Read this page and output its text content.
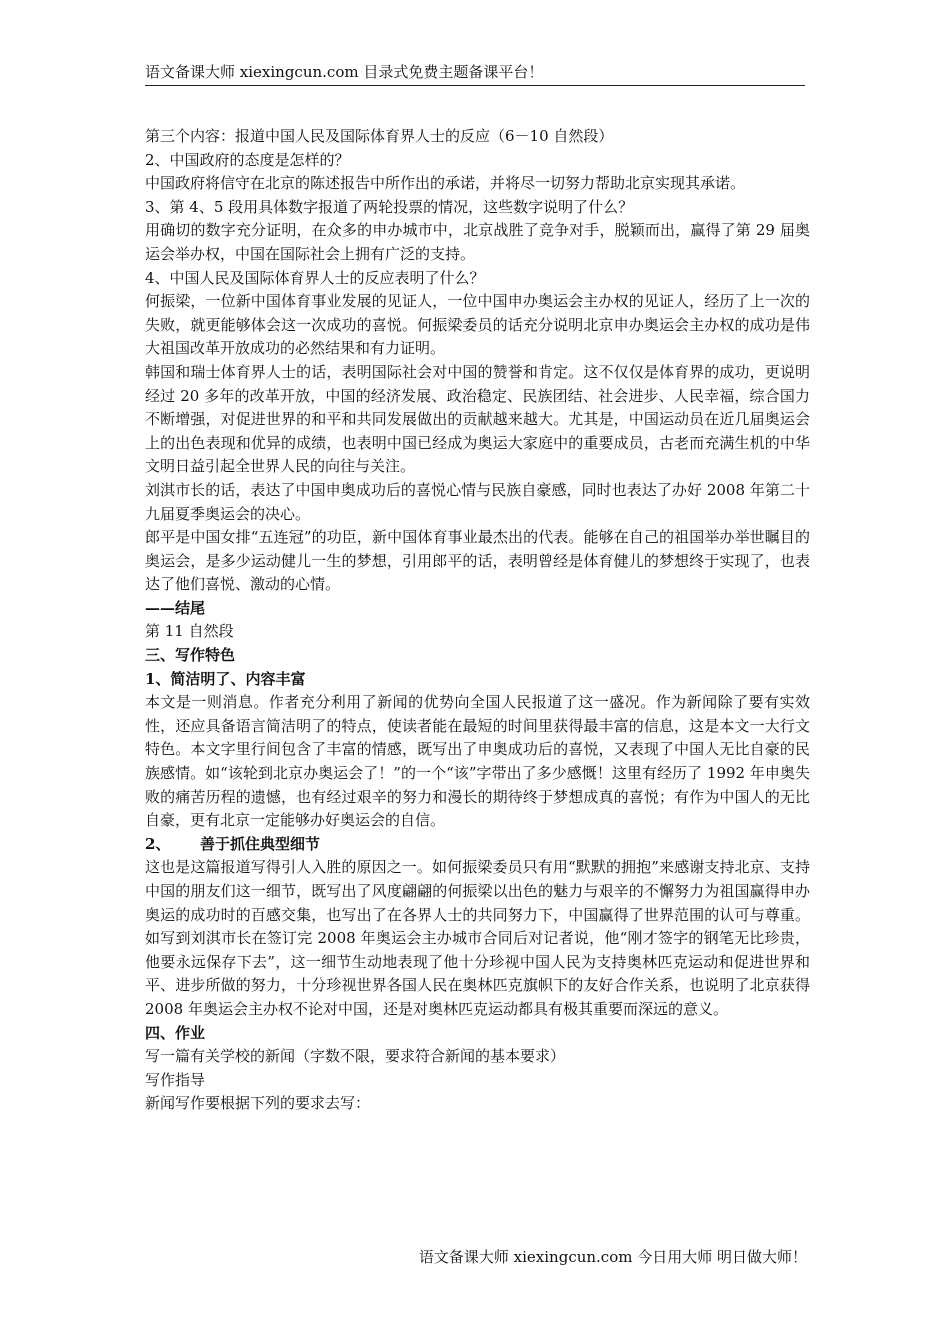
语文备课大师 xiexingcun.com 目录式免费主题备课平台！

第三个内容：报道中国人民及国际体育界人士的反应（6－10 自然段）

2、中国政府的态度是怎样的？

中国政府将信守在北京的陈述报告中所作出的承诺，并将尽一切努力帮助北京实现其承诺。

3、第 4、5 段用具体数字报道了两轮投票的情况，这些数字说明了什么？

用确切的数字充分证明，在众多的申办城市中，北京战胜了竞争对手，脱颖而出，赢得了第 29 届奥运会举办权，中国在国际社会上拥有广泛的支持。

4、中国人民及国际体育界人士的反应表明了什么？

何振梁，一位新中国体育事业发展的见证人，一位中国申办奥运会主办权的见证人，经历了上一次的失败，就更能够体会这一次成功的喜悦。何振梁委员的话充分说明北京申办奥运会主办权的成功是伟大祖国改革开放成功的必然结果和有力证明。

韩国和瑞士体育界人士的话，表明国际社会对中国的赞誉和肯定。这不仅仅是体育界的成功，更说明经过 20 多年的改革开放，中国的经济发展、政治稳定、民族团结、社会进步、人民幸福，综合国力不断增强，对促进世界的和平和共同发展做出的贡献越来越大。尤其是，中国运动员在近几届奥运会上的出色表现和优异的成绩，也表明中国已经成为奥运大家庭中的重要成员，古老而充满生机的中华文明日益引起全世界人民的向往与关注。

刘淇市长的话，表达了中国申奥成功后的喜悦心情与民族自豪感，同时也表达了办好 2008 年第二十九届夏季奥运会的决心。

郎平是中国女排“五连冠”的功臣，新中国体育事业最杰出的代表。能够在自己的祖国举办举世瞩目的奥运会，是多少运动健儿一生的梦想，引用郎平的话，表明曾经是体育健儿的梦想终于实现了，也表达了他们喜悦、激动的心情。

——结尾

第 11 自然段

三、写作特色

1、简洁明了、内容丰富

本文是一则消息。作者充分利用了新闻的优势向全国人民报道了这一盛况。作为新闻除了要有实效性，还应具备语言简洁明了的特点，使读者能在最短的时间里获得最丰富的信息，这是本文一大行文特色。本文字里行间包含了丰富的情感，既写出了申奥成功后的喜悦，又表现了中国人无比自豪的民族感情。如“该轮到北京办奥运会了！”的一个“该”字带出了多少感慨！这里有经历了 1992 年申奥失败的痛苦历程的遗憾，也有经过艰辛的努力和漫长的期待终于梦想成真的喜悦；有作为中国人的无比自豪，更有北京一定能够办好奥运会的自信。

2、 善于抓住典型细节

这也是这篇报道写得引人入胜的原因之一。如何振梁委员只有用“默默的拥抱”来感谢支持北京、支持中国的朋友们这一细节，既写出了风度翩翩的何振梁以出色的魅力与艰辛的不懈努力为祖国赢得申办奥运的成功时的百感交集，也写出了在各界人士的共同努力下，中国赢得了世界范围的认可与尊重。如写到刘淇市长在签订完 2008 年奥运会主办城市合同后对记者说，他“刚才签字的钢笔无比珍贵，他要永远保存下去”，这一细节生动地表现了他十分珍视中国人民为支持奥林匹克运动和促进世界和平、进步所做的努力，十分珍视世界各国人民在奥林匹克旗帜下的友好合作关系，也说明了北京获得 2008 年奥运会主办权不论对中国，还是对奥林匹克运动都具有极其重要而深远的意义。

四、作业

写一篇有关学校的新闻（字数不限，要求符合新闻的基本要求）

写作指导

新闻写作要根据下列的要求去写：

语文备课大师 xiexingcun.com 今日用大师 明日做大师！
